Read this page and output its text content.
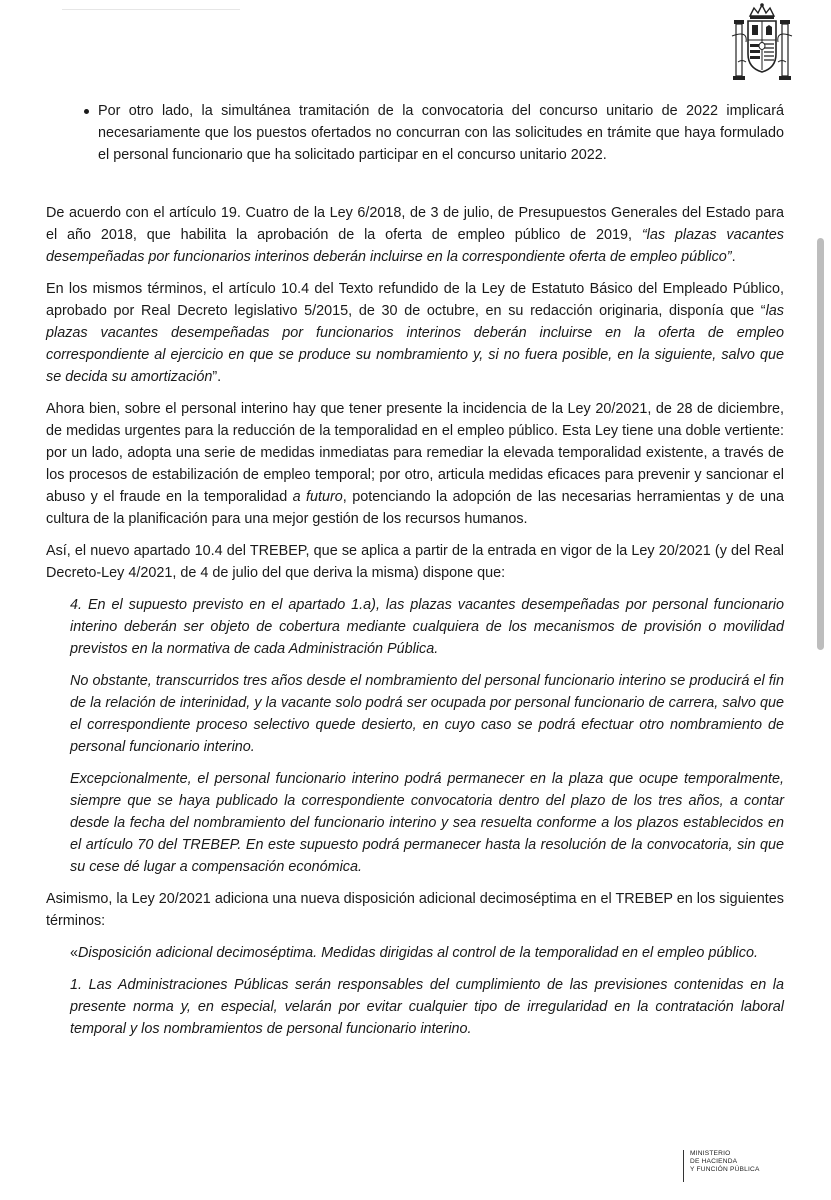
Por otro lado, la simultánea tramitación de la convocatoria del concurso unitario de 2022 implicará necesariamente que los puestos ofertados no concurran con las solicitudes en trámite que haya formulado el personal funcionario que ha solicitado participar en el concurso unitario 2022.

De acuerdo con el artículo 19. Cuatro de la Ley 6/2018, de 3 de julio, de Presupuestos Generales del Estado para el año 2018, que habilita la aprobación de la oferta de empleo público de 2019, “las plazas vacantes desempeñadas por funcionarios interinos deberán incluirse en la correspondiente oferta de empleo público”.

En los mismos términos, el artículo 10.4 del Texto refundido de la Ley de Estatuto Básico del Empleado Público, aprobado por Real Decreto legislativo 5/2015, de 30 de octubre, en su redacción originaria, disponía que “las plazas vacantes desempeñadas por funcionarios interinos deberán incluirse en la oferta de empleo correspondiente al ejercicio en que se produce su nombramiento y, si no fuera posible, en la siguiente, salvo que se decida su amortización”.

Ahora bien, sobre el personal interino hay que tener presente la incidencia de la Ley 20/2021, de 28 de diciembre, de medidas urgentes para la reducción de la temporalidad en el empleo público. Esta Ley tiene una doble vertiente: por un lado, adopta una serie de medidas inmediatas para remediar la elevada temporalidad existente, a través de los procesos de estabilización de empleo temporal; por otro, articula medidas eficaces para prevenir y sancionar el abuso y el fraude en la temporalidad a futuro, potenciando la adopción de las necesarias herramientas y de una cultura de la planificación para una mejor gestión de los recursos humanos.

Así, el nuevo apartado 10.4 del TREBEP, que se aplica a partir de la entrada en vigor de la Ley 20/2021 (y del Real Decreto-Ley 4/2021, de 4 de julio del que deriva la misma) dispone que:

4. En el supuesto previsto en el apartado 1.a), las plazas vacantes desempeñadas por personal funcionario interino deberán ser objeto de cobertura mediante cualquiera de los mecanismos de provisión o movilidad previstos en la normativa de cada Administración Pública.

No obstante, transcurridos tres años desde el nombramiento del personal funcionario interino se producirá el fin de la relación de interinidad, y la vacante solo podrá ser ocupada por personal funcionario de carrera, salvo que el correspondiente proceso selectivo quede desierto, en cuyo caso se podrá efectuar otro nombramiento de personal funcionario interino.

Excepcionalmente, el personal funcionario interino podrá permanecer en la plaza que ocupe temporalmente, siempre que se haya publicado la correspondiente convocatoria dentro del plazo de los tres años, a contar desde la fecha del nombramiento del funcionario interino y sea resuelta conforme a los plazos establecidos en el artículo 70 del TREBEP. En este supuesto podrá permanecer hasta la resolución de la convocatoria, sin que su cese dé lugar a compensación económica.

Asimismo, la Ley 20/2021 adiciona una nueva disposición adicional decimoséptima en el TREBEP en los siguientes términos:

«Disposición adicional decimoséptima. Medidas dirigidas al control de la temporalidad en el empleo público.

1. Las Administraciones Públicas serán responsables del cumplimiento de las previsiones contenidas en la presente norma y, en especial, velarán por evitar cualquier tipo de irregularidad en la contratación laboral temporal y los nombramientos de personal funcionario interino.

MINISTERIO
DE HACIENDA
Y FUNCIÓN PÚBLICA
